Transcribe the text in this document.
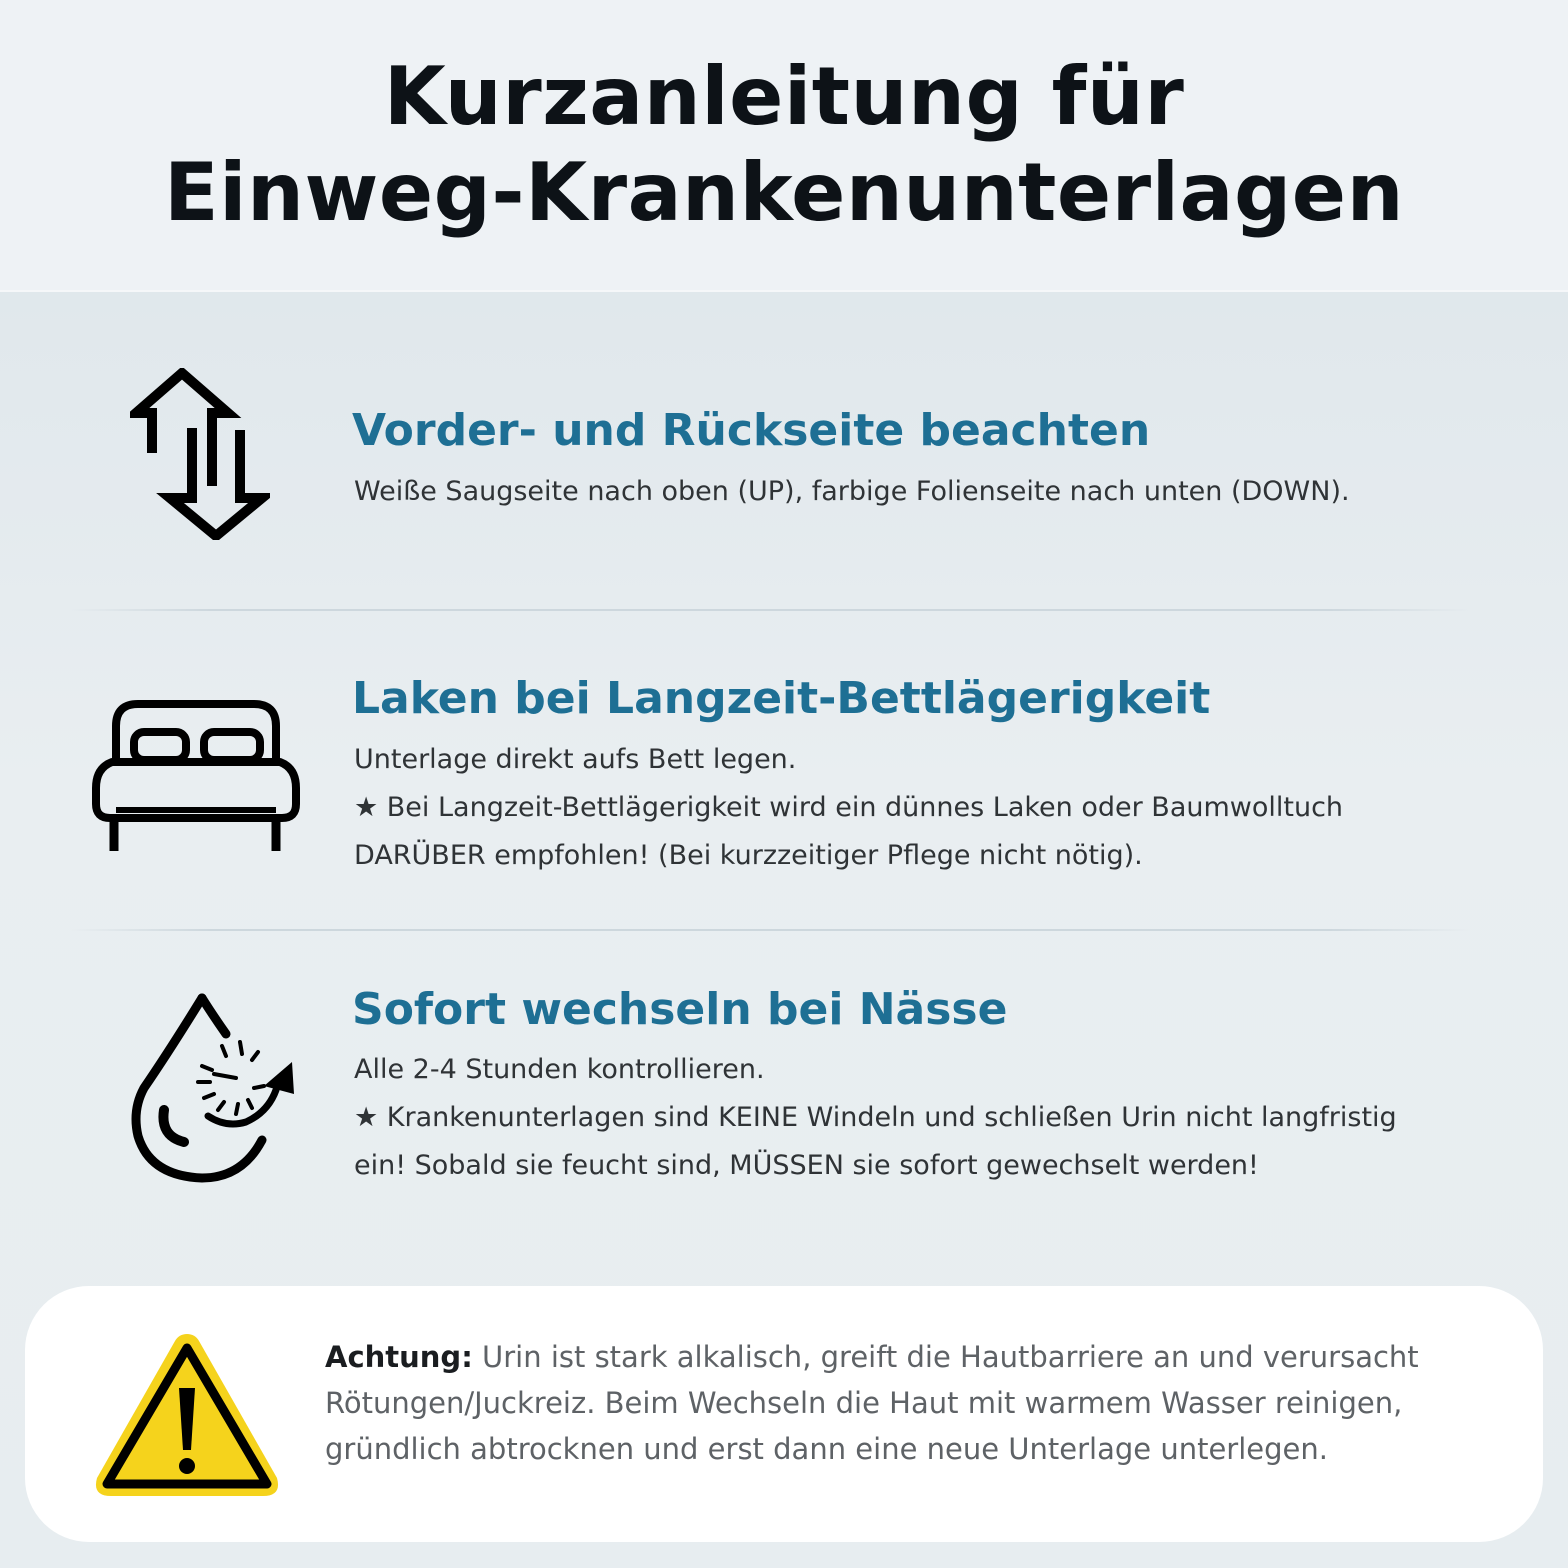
Kurzanleitung für
Einweg-Krankenunterlagen
Vorder- und Rückseite beachten

Weiße Saugseite nach oben (UP), farbige Folienseite nach unten (DOWN).

Laken bei Langzeit-Bettlägerigkeit

Unterlage direkt aufs Bett legen.

★ Bei Langzeit-Bettlägerigkeit wird ein dünnes Laken oder Baumwolltuch

DARÜBER empfohlen! (Bei kurzzeitiger Pflege nicht nötig).

Sofort wechseln bei Nässe

Alle 2-4 Stunden kontrollieren.

★ Krankenunterlagen sind KEINE Windeln und schließen Urin nicht langfristig

ein! Sobald sie feucht sind, MÜSSEN sie sofort gewechselt werden!

Achtung: Urin ist stark alkalisch, greift die Hautbarriere an und verursacht

Rötungen/Juckreiz. Beim Wechseln die Haut mit warmem Wasser reinigen,

gründlich abtrocknen und erst dann eine neue Unterlage unterlegen.
